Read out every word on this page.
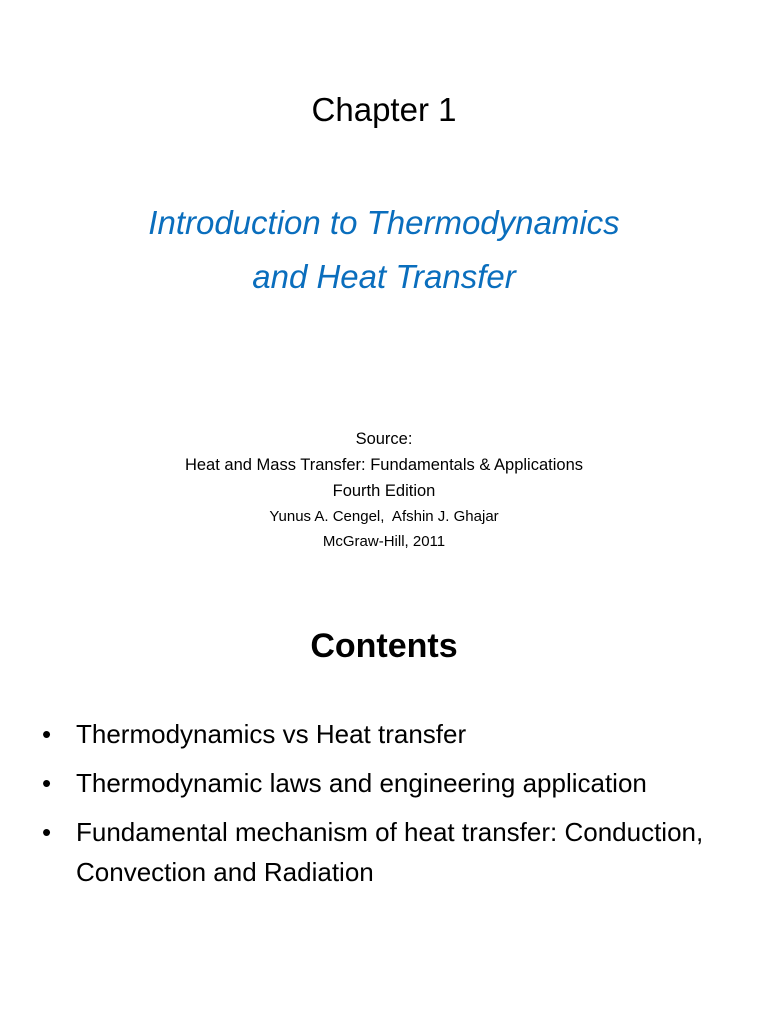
Chapter 1
Introduction to Thermodynamics
and Heat Transfer
Source:
Heat and Mass Transfer: Fundamentals & Applications
Fourth Edition
Yunus A. Cengel,  Afshin J. Ghajar
McGraw-Hill, 2011
Contents
• Thermodynamics vs Heat transfer
• Thermodynamic laws and engineering application
• Fundamental mechanism of heat transfer: Conduction, Convection and Radiation
